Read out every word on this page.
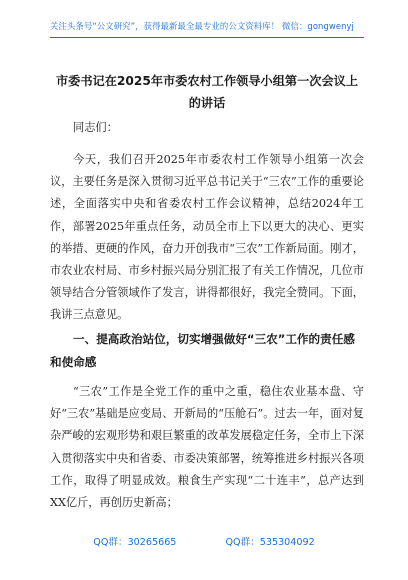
关注头条号“公文研究”，获得最新最全最专业的公文资料库！ 微信：gongwenyj
市委书记在2025年市委农村工作领导小组第一次会议上的讲话
同志们：
今天，我们召开2025年市委农村工作领导小组第一次会议，主要任务是深入贯彻习近平总书记关于“三农”工作的重要论述，全面落实中央和省委农村工作会议精神，总结2024年工作，部署2025年重点任务，动员全市上下以更大的决心、更实的举措、更硬的作风，奋力开创我市“三农”工作新局面。刚才，市农业农村局、市乡村振兴局分别汇报了有关工作情况，几位市领导结合分管领域作了发言，讲得都很好，我完全赞同。下面，我讲三点意见。
一、提高政治站位，切实增强做好“三农”工作的责任感和使命感
“三农”工作是全党工作的重中之重，稳住农业基本盘、守好“三农”基础是应变局、开新局的“压舱石”。过去一年，面对复杂严峻的宏观形势和艰巨繁重的改革发展稳定任务，全市上下深入贯彻落实中央和省委、市委决策部署，统筹推进乡村振兴各项工作，取得了明显成效。粮食生产实现“二十连丰”，总产达到XX亿斤，再创历史新高；
QQ群：30265665	QQ群：535304092
